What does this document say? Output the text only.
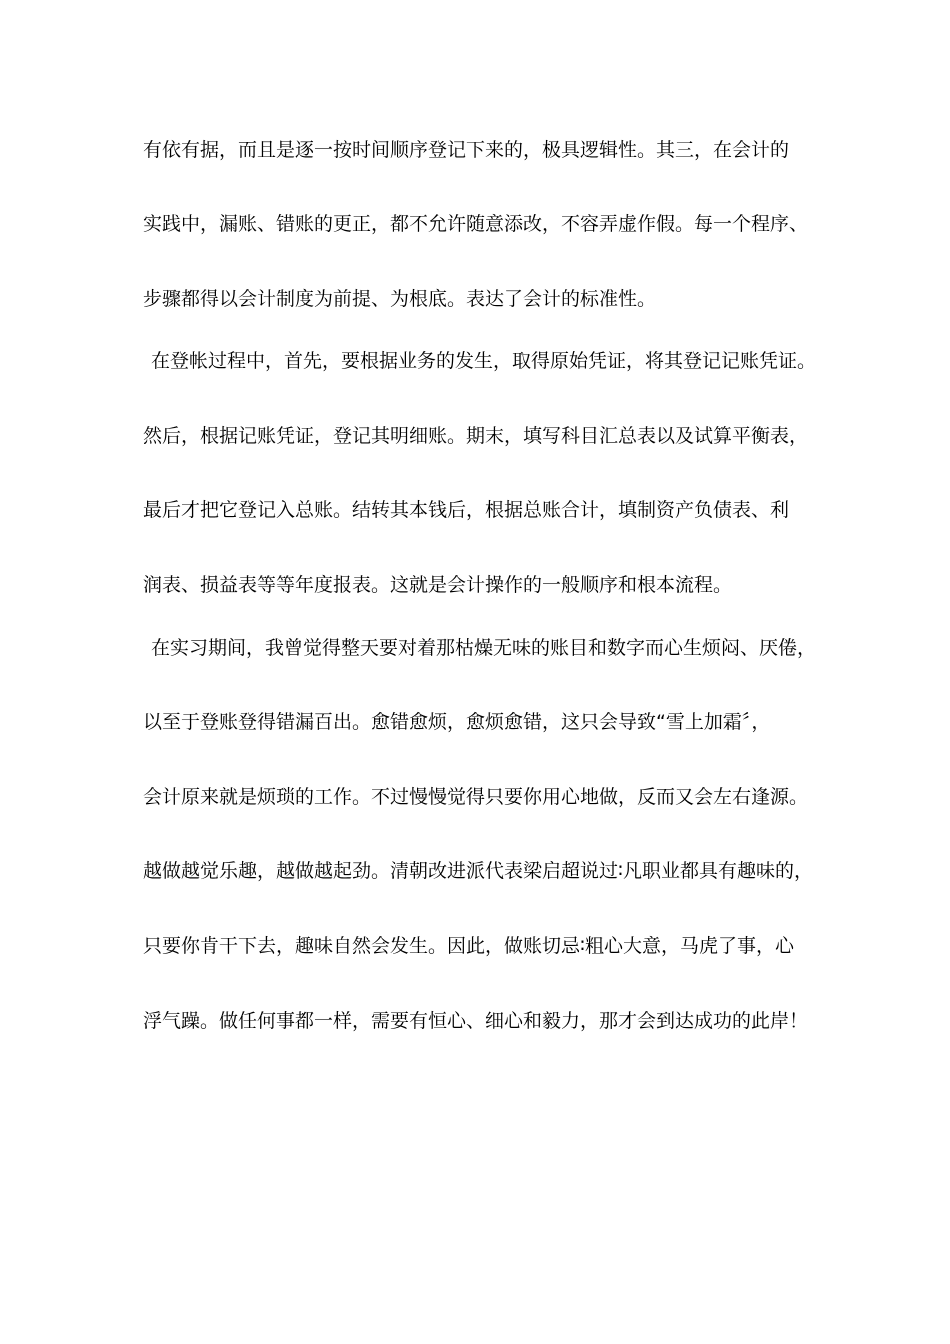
有依有据，而且是逐一按时间顺序登记下来的，极具逻辑性。其三，在会计的
实践中，漏账、错账的更正，都不允许随意添改，不容弄虚作假。每一个程序、
步骤都得以会计制度为前提、为根底。表达了会计的标准性。
在登帐过程中，首先，要根据业务的发生，取得原始凭证，将其登记记账凭证。
然后，根据记账凭证，登记其明细账。期末，填写科目汇总表以及试算平衡表，
最后才把它登记入总账。结转其本钱后，根据总账合计，填制资产负债表、利
润表、损益表等等年度报表。这就是会计操作的一般顺序和根本流程。
在实习期间，我曾觉得整天要对着那枯燥无味的账目和数字而心生烦闷、厌倦，
以至于登账登得错漏百出。愈错愈烦，愈烦愈错，这只会导致“雪上加霜〞，
会计原来就是烦琐的工作。不过慢慢觉得只要你用心地做，反而又会左右逢源。
越做越觉乐趣，越做越起劲。清朝改进派代表梁启超说过∶凡职业都具有趣味的，
只要你肯干下去，趣味自然会发生。因此，做账切忌∶粗心大意，马虎了事，心
浮气躁。做任何事都一样，需要有恒心、细心和毅力，那才会到达成功的此岸！
